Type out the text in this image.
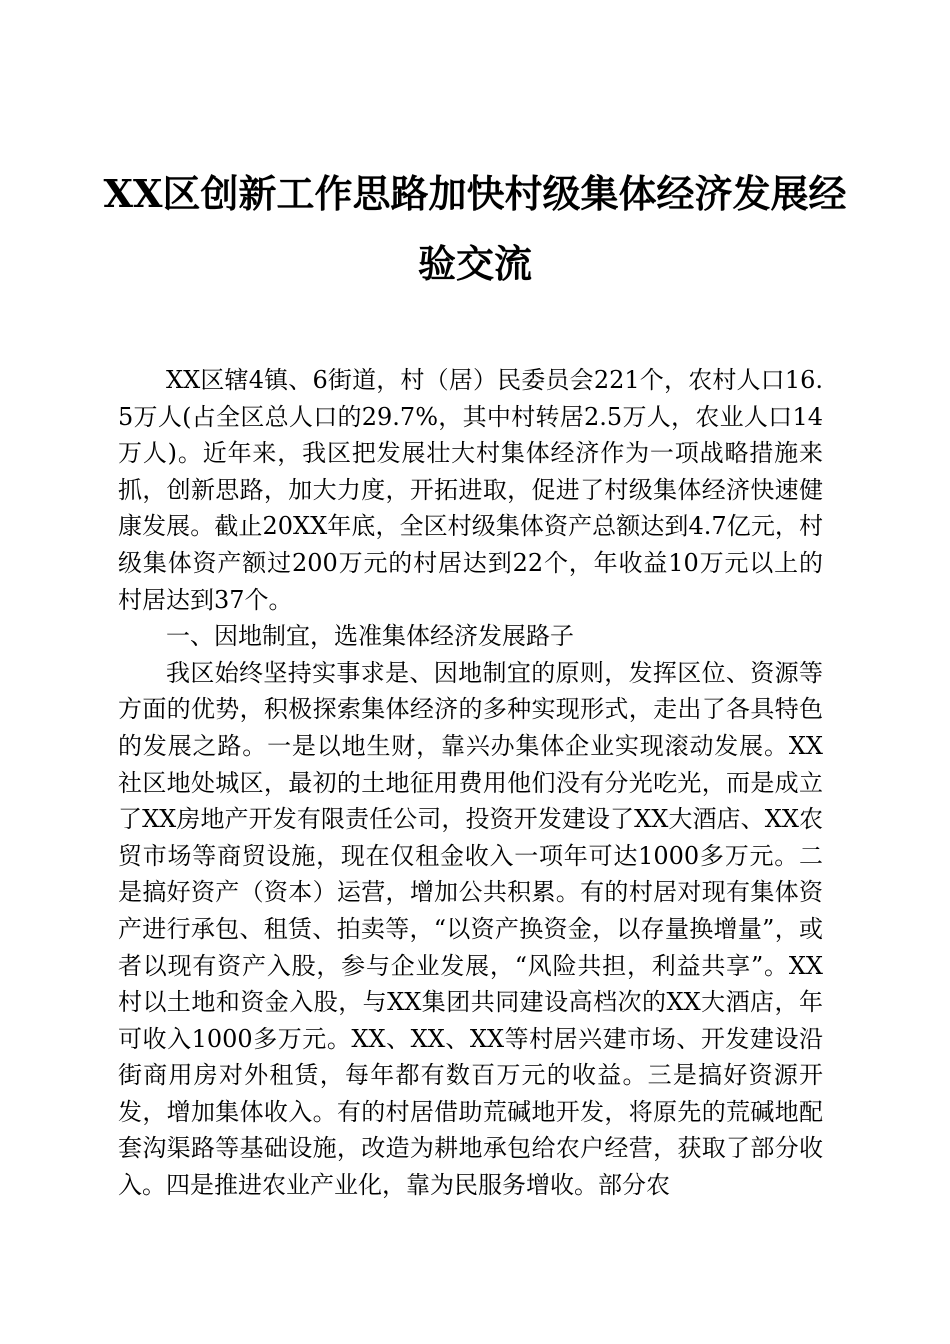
XX区创新工作思路加快村级集体经济发展经
验交流

XX区辖4镇、6街道，村（居）民委员会221个，农村人口16.5万人(占全区总人口的29.7%，其中村转居2.5万人，农业人口14万人)。近年来，我区把发展壮大村集体经济作为一项战略措施来抓，创新思路，加大力度，开拓进取，促进了村级集体经济快速健康发展。截止20XX年底，全区村级集体资产总额达到4.7亿元，村级集体资产额过200万元的村居达到22个，年收益10万元以上的村居达到37个。

一、因地制宜，选准集体经济发展路子

我区始终坚持实事求是、因地制宜的原则，发挥区位、资源等方面的优势，积极探索集体经济的多种实现形式，走出了各具特色的发展之路。一是以地生财，靠兴办集体企业实现滚动发展。XX社区地处城区，最初的土地征用费用他们没有分光吃光，而是成立了XX房地产开发有限责任公司，投资开发建设了XX大酒店、XX农贸市场等商贸设施，现在仅租金收入一项年可达1000多万元。二是搞好资产（资本）运营，增加公共积累。有的村居对现有集体资产进行承包、租赁、拍卖等，“以资产换资金，以存量换增量”，或者以现有资产入股，参与企业发展，“风险共担，利益共享”。XX村以土地和资金入股，与XX集团共同建设高档次的XX大酒店，年可收入1000多万元。XX、XX、XX等村居兴建市场、开发建设沿街商用房对外租赁，每年都有数百万元的收益。三是搞好资源开发，增加集体收入。有的村居借助荒碱地开发，将原先的荒碱地配套沟渠路等基础设施，改造为耕地承包给农户经营，获取了部分收入。四是推进农业产业化，靠为民服务增收。部分农
